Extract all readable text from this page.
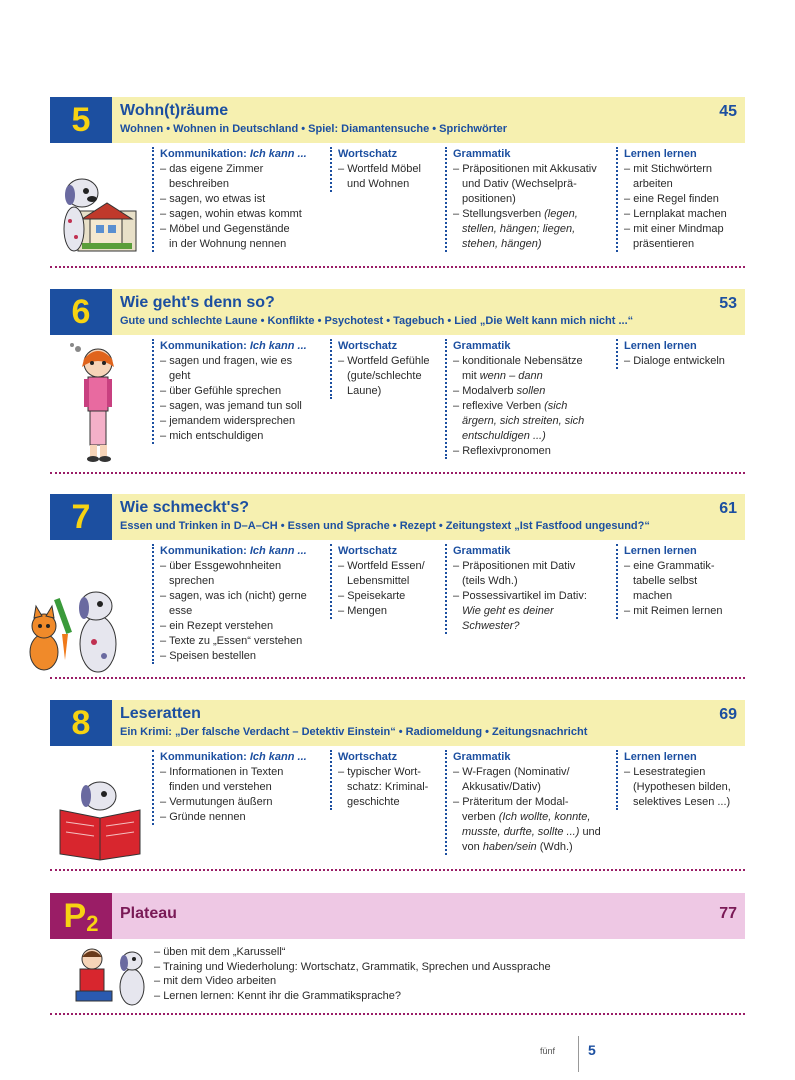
5	Wohn(t)räume
Wohnen • Wohnen in Deutschland • Spiel: Diamantensuche • Sprichwörter
45
Kommunikation: Ich kann ...
– das eigene Zimmer
beschreiben
– sagen, wo etwas ist
– sagen, wohin etwas kommt
– Möbel und Gegenstände
in der Wohnung nennen
Wortschatz
– Wortfeld Möbel
und Wohnen
Grammatik
– Präpositionen mit Akkusativ
und Dativ (Wechselprä-
positionen)
– Stellungsverben (legen,
stellen, hängen; liegen,
stehen, hängen)
Lernen lernen
– mit Stichwörtern
arbeiten
– eine Regel finden
– Lernplakat machen
– mit einer Mindmap
präsentieren
6	Wie geht's denn so?
Gute und schlechte Laune • Konflikte • Psychotest • Tagebuch • Lied „Die Welt kann mich nicht ...“
53
Kommunikation: Ich kann ...
– sagen und fragen, wie es
geht
– über Gefühle sprechen
– sagen, was jemand tun soll
– jemandem widersprechen
– mich entschuldigen
Wortschatz
– Wortfeld Gefühle
(gute/schlechte
Laune)
Grammatik
– konditionale Nebensätze
mit wenn – dann
– Modalverb sollen
– reflexive Verben (sich
ärgern, sich streiten, sich
entschuldigen ...)
– Reflexivpronomen
Lernen lernen
– Dialoge entwickeln
7	Wie schmeckt's?
Essen und Trinken in D–A–CH • Essen und Sprache • Rezept • Zeitungstext „Ist Fastfood ungesund?“
61
Kommunikation: Ich kann ...
– über Essgewohnheiten
sprechen
– sagen, was ich (nicht) gerne
esse
– ein Rezept verstehen
– Texte zu „Essen“ verstehen
– Speisen bestellen
Wortschatz
– Wortfeld Essen/
Lebensmittel
– Speisekarte
– Mengen
Grammatik
– Präpositionen mit Dativ
(teils Wdh.)
– Possessivartikel im Dativ:
Wie geht es deiner
Schwester?
Lernen lernen
– eine Grammatik-
tabelle selbst
machen
– mit Reimen lernen
8	Leseratten
Ein Krimi: „Der falsche Verdacht – Detektiv Einstein“ • Radiomeldung • Zeitungsnachricht
69
Kommunikation: Ich kann ...
– Informationen in Texten
finden und verstehen
– Vermutungen äußern
– Gründe nennen
Wortschatz
– typischer Wort-
schatz: Kriminal-
geschichte
Grammatik
– W-Fragen (Nominativ/
Akkusativ/Dativ)
– Präteritum der Modal-
verben (Ich wollte, konnte,
musste, durfte, sollte ...) und
von haben/sein (Wdh.)
Lernen lernen
– Lesestrategien
(Hypothesen bilden,
selektives Lesen ...)
P2	Plateau	77
– üben mit dem „Karussell“
– Training und Wiederholung: Wortschatz, Grammatik, Sprechen und Aussprache
– mit dem Video arbeiten
– Lernen lernen: Kennt ihr die Grammatiksprache?
fünf 5
